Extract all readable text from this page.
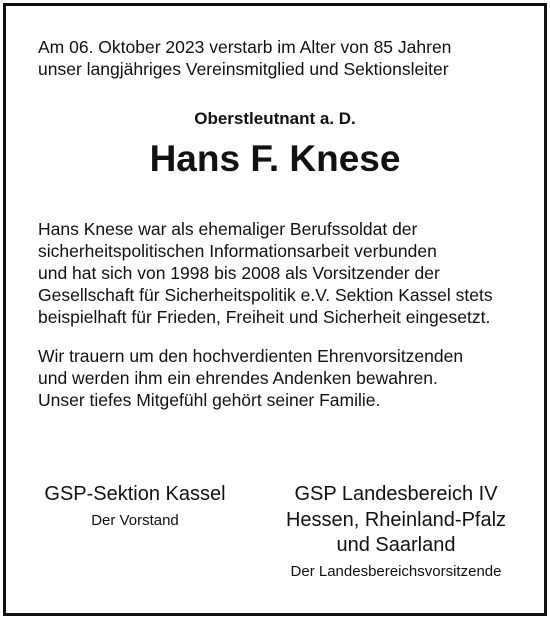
Am 06. Oktober 2023 verstarb im Alter von 85 Jahren
unser langjähriges Vereinsmitglied und Sektionsleiter
Oberstleutnant a. D.
Hans F. Knese
Hans Knese war als ehemaliger Berufssoldat der
sicherheitspolitischen Informationsarbeit verbunden
und hat sich von 1998 bis 2008 als Vorsitzender der
Gesellschaft für Sicherheitspolitik e.V. Sektion Kassel stets
beispielhaft für Frieden, Freiheit und Sicherheit eingesetzt.
Wir trauern um den hochverdienten Ehrenvorsitzenden
und werden ihm ein ehrendes Andenken bewahren.
Unser tiefes Mitgefühl gehört seiner Familie.
GSP-Sektion Kassel
Der Vorstand
GSP Landesbereich IV
Hessen, Rheinland-Pfalz
und Saarland
Der Landesbereichsvorsitzende
